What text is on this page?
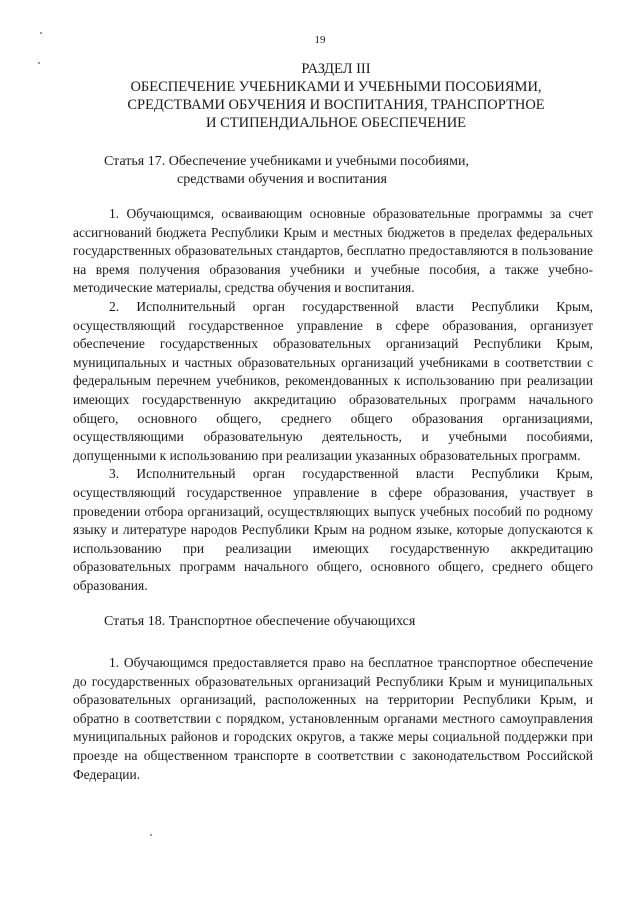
19
РАЗДЕЛ III
ОБЕСПЕЧЕНИЕ УЧЕБНИКАМИ И УЧЕБНЫМИ ПОСОБИЯМИ,
СРЕДСТВАМИ ОБУЧЕНИЯ И ВОСПИТАНИЯ, ТРАНСПОРТНОЕ
И СТИПЕНДИАЛЬНОЕ ОБЕСПЕЧЕНИЕ
Статья 17. Обеспечение учебниками и учебными пособиями,
средствами обучения и воспитания

1. Обучающимся, осваивающим основные образовательные программы за счет ассигнований бюджета Республики Крым и местных бюджетов в пределах федеральных государственных образовательных стандартов, бесплатно предоставляются в пользование на время получения образования учебники и учебные пособия, а также учебно-методические материалы, средства обучения и воспитания.

2. Исполнительный орган государственной власти Республики Крым, осуществляющий государственное управление в сфере образования, организует обеспечение государственных образовательных организаций Республики Крым, муниципальных и частных образовательных организаций учебниками в соответствии с федеральным перечнем учебников, рекомендованных к использованию при реализации имеющих государственную аккредитацию образовательных программ начального общего, основного общего, среднего общего образования организациями, осуществляющими образовательную деятельность, и учебными пособиями, допущенными к использованию при реализации указанных образовательных программ.

3. Исполнительный орган государственной власти Республики Крым, осуществляющий государственное управление в сфере образования, участвует в проведении отбора организаций, осуществляющих выпуск учебных пособий по родному языку и литературе народов Республики Крым на родном языке, которые допускаются к использованию при реализации имеющих государственную аккредитацию образовательных программ начального общего, основного общего, среднего общего образования.

Статья 18. Транспортное обеспечение обучающихся

1. Обучающимся предоставляется право на бесплатное транспортное обеспечение до государственных образовательных организаций Республики Крым и муниципальных образовательных организаций, расположенных на территории Республики Крым, и обратно в соответствии с порядком, установленным органами местного самоуправления муниципальных районов и городских округов, а также меры социальной поддержки при проезде на общественном транспорте в соответствии с законодательством Российской Федерации.
